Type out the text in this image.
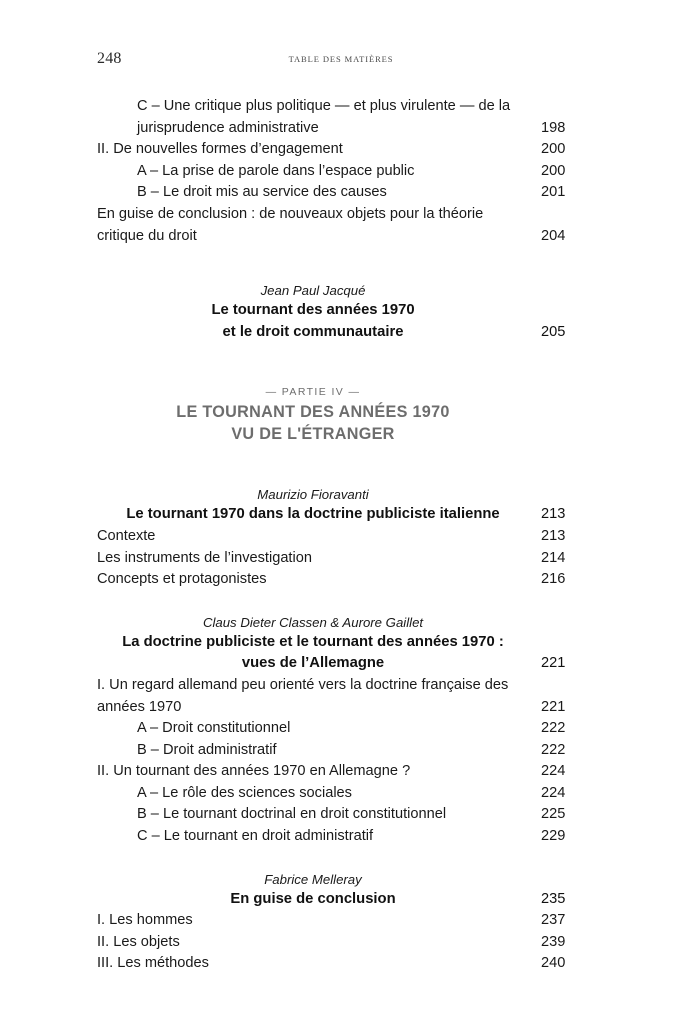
248	TABLE DES MATIÈRES
C – Une critique plus politique — et plus virulente — de la jurisprudence administrative	198
II. De nouvelles formes d’engagement	200
A – La prise de parole dans l’espace public	200
B – Le droit mis au service des causes	201
En guise de conclusion : de nouveaux objets pour la théorie critique du droit	204
Jean Paul Jacqué
Le tournant des années 1970
et le droit communautaire	205
— PARTIE IV —
LE TOURNANT DES ANNÉES 1970
VU DE L'ÉTRANGER
Maurizio Fioravanti
Le tournant 1970 dans la doctrine publiciste italienne	213
Contexte	213
Les instruments de l’investigation	214
Concepts et protagonistes	216
Claus Dieter Classen & Aurore Gaillet
La doctrine publiciste et le tournant des années 1970 :
vues de l’Allemagne	221
I. Un regard allemand peu orienté vers la doctrine française des années 1970	221
A – Droit constitutionnel	222
B – Droit administratif	222
II. Un tournant des années 1970 en Allemagne ?	224
A – Le rôle des sciences sociales	224
B – Le tournant doctrinal en droit constitutionnel	225
C – Le tournant en droit administratif	229
Fabrice Melleray
En guise de conclusion	235
I. Les hommes	237
II. Les objets	239
III. Les méthodes	240
